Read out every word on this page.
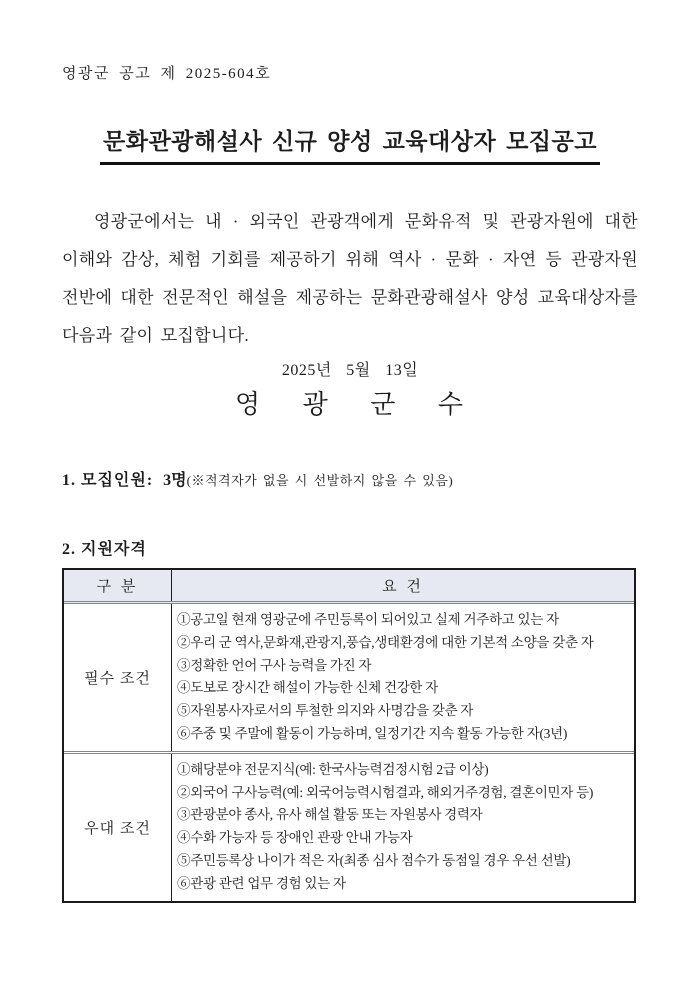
영광군 공고 제 2025-604호
문화관광해설사 신규 양성 교육대상자 모집공고

영광군에서는 내 · 외국인 관광객에게 문화유적 및 관광자원에 대한 이해와 감상, 체험 기회를 제공하기 위해 역사 · 문화 · 자연 등 관광자원 전반에 대한 전문적인 해설을 제공하는 문화관광해설사 양성 교육대상자를 다음과 같이 모집합니다.

2025년 5월 13일
영 광 군 수
1. 모집인원: 3명(※적격자가 없을 시 선발하지 않을 수 있음)
2. 지원자격
구 분	요 건
필수 조건
①공고일 현재 영광군에 주민등록이 되어있고 실제 거주하고 있는 자
②우리 군 역사,문화재,관광지,풍습,생태환경에 대한 기본적 소양을 갖춘 자
③정확한 언어 구사 능력을 가진 자
④도보로 장시간 해설이 가능한 신체 건강한 자
⑤자원봉사자로서의 투철한 의지와 사명감을 갖춘 자
⑥주중 및 주말에 활동이 가능하며, 일정기간 지속 활동 가능한 자(3년)
우대 조건
①해당분야 전문지식(예: 한국사능력검정시험 2급 이상)
②외국어 구사능력(예: 외국어능력시험결과, 해외거주경험, 결혼이민자 등)
③관광분야 종사, 유사 해설 활동 또는 자원봉사 경력자
④수화 가능자 등 장애인 관광 안내 가능자
⑤주민등록상 나이가 적은 자(최종 심사 점수가 동점일 경우 우선 선발)
⑥관광 관련 업무 경험 있는 자
